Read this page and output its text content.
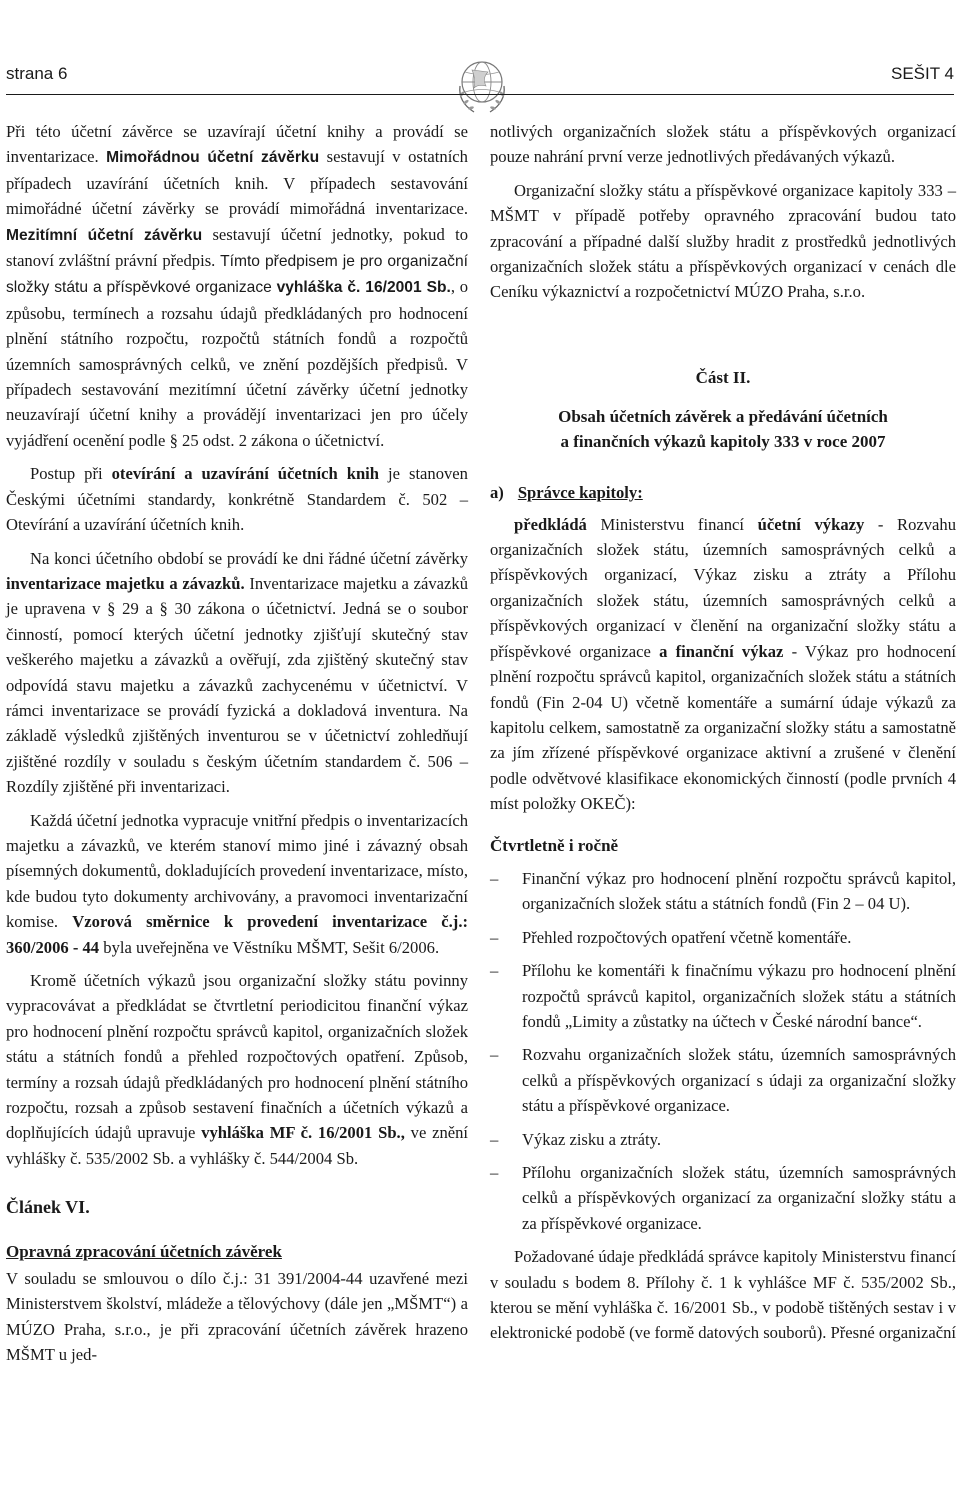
strana 6	SEŠIT 4

Při této účetní závěrce se uzavírají účetní knihy a provádí se inventarizace. Mimořádnou účetní závěrku sestavují v ostatních případech uzavírání účetních knih. V případech sestavování mimořádné účetní závěrky se provádí mimořádná inventarizace. Mezitímní účetní závěrku sestavují účetní jednotky, pokud to stanoví zvláštní právní předpis. Tímto předpisem je pro organizační složky státu a příspěvkové organizace vyhláška č. 16/2001 Sb., o způsobu, termínech a rozsahu údajů předkládaných pro hodnocení plnění státního rozpočtu, rozpočtů státních fondů a rozpočtů územních samosprávných celků, ve znění pozdějších předpisů. V případech sestavování mezitímní účetní závěrky účetní jednotky neuzavírají účetní knihy a provádějí inventarizaci jen pro účely vyjádření ocenění podle § 25 odst. 2 zákona o účetnictví.

Postup při otevírání a uzavírání účetních knih je stanoven Českými účetními standardy, konkrétně Standardem č. 502 – Otevírání a uzavírání účetních knih.

Na konci účetního období se provádí ke dni řádné účetní závěrky inventarizace majetku a závazků. Inventarizace majetku a závazků je upravena v § 29 a § 30 zákona o účetnictví. Jedná se o soubor činností, pomocí kterých účetní jednotky zjišťují skutečný stav veškerého majetku a závazků a ověřují, zda zjištěný skutečný stav odpovídá stavu majetku a závazků zachycenému v účetnictví. V rámci inventarizace se provádí fyzická a dokladová inventura. Na základě výsledků zjištěných inventurou se v účetnictví zohledňují zjištěné rozdíly v souladu s českým účetním standardem č. 506 – Rozdíly zjištěné při inventarizaci.

Každá účetní jednotka vypracuje vnitřní předpis o inventarizacích majetku a závazků, ve kterém stanoví mimo jiné i závazný obsah písemných dokumentů, dokladujících provedení inventarizace, místo, kde budou tyto dokumenty archivovány, a pravomoci inventarizační komise. Vzorová směrnice k provedení inventarizace č.j.: 360/2006 - 44 byla uveřejněna ve Věstníku MŠMT, Sešit 6/2006.

Kromě účetních výkazů jsou organizační složky státu povinny vypracovávat a předkládat se čtvrtletní periodicitou finanční výkaz pro hodnocení plnění rozpočtu správců kapitol, organizačních složek státu a státních fondů a přehled rozpočtových opatření. Způsob, termíny a rozsah údajů předkládaných pro hodnocení plnění státního rozpočtu, rozsah a způsob sestavení finačních a účetních výkazů a doplňujících údajů upravuje vyhláška MF č. 16/2001 Sb., ve znění vyhlášky č. 535/2002 Sb. a vyhlášky č. 544/2004 Sb.

Článek VI.
Opravná zpracování účetních závěrek

V souladu se smlouvou o dílo č.j.: 31 391/2004-44 uzavřené mezi Ministerstvem školství, mládeže a tělovýchovy (dále jen „MŠMT“) a MÚZO Praha, s.r.o., je při zpracování účetních závěrek hrazeno MŠMT u jed-

notlivých organizačních složek státu a příspěvkových organizací pouze nahrání první verze jednotlivých předávaných výkazů.

Organizační složky státu a příspěvkové organizace kapitoly 333 – MŠMT v případě potřeby opravného zpracování budou tato zpracování a případné další služby hradit z prostředků jednotlivých organizačních složek státu a příspěvkových organizací v cenách dle Ceníku výkaznictví a rozpočetnictví MÚZO Praha, s.r.o.

Část II.
Obsah účetních závěrek a předávání účetních
a finančních výkazů kapitoly 333 v roce 2007
a) Správce kapitoly:

předkládá Ministerstvu financí účetní výkazy - Rozvahu organizačních složek státu, územních samosprávných celků a příspěvkových organizací, Výkaz zisku a ztráty a Přílohu organizačních složek státu, územních samosprávných celků a příspěvkových organizací v členění na organizační složky státu a příspěvkové organizace a finanční výkaz - Výkaz pro hodnocení plnění rozpočtu správců kapitol, organizačních složek státu a státních fondů (Fin 2-04 U) včetně komentáře a sumární údaje výkazů za kapitolu celkem, samostatně za organizační složky státu a samostatně za jím zřízené příspěvkové organizace aktivní a zrušené v členění podle odvětvové klasifikace ekonomických činností (podle prvních 4 míst položky OKEČ):

Čtvrtletně i ročně
– Finanční výkaz pro hodnocení plnění rozpočtu správců kapitol, organizačních složek státu a státních fondů (Fin 2 – 04 U).
– Přehled rozpočtových opatření včetně komentáře.
– Přílohu ke komentáři k finačnímu výkazu pro hodnocení plnění rozpočtů správců kapitol, organizačních složek státu a státních fondů „Limity a zůstatky na účtech v České národní bance“.
– Rozvahu organizačních složek státu, územních samosprávných celků a příspěvkových organizací s údaji za organizační složky státu a příspěvkové organizace.
– Výkaz zisku a ztráty.
– Přílohu organizačních složek státu, územních samosprávných celků a příspěvkových organizací za organizační složky státu a za příspěvkové organizace.

Požadované údaje předkládá správce kapitoly Ministerstvu financí v souladu s bodem 8. Přílohy č. 1 k vyhlášce MF č. 535/2002 Sb., kterou se mění vyhláška č. 16/2001 Sb., v podobě tištěných sestav i v elektronické podobě (ve formě datových souborů). Přesné organizační
